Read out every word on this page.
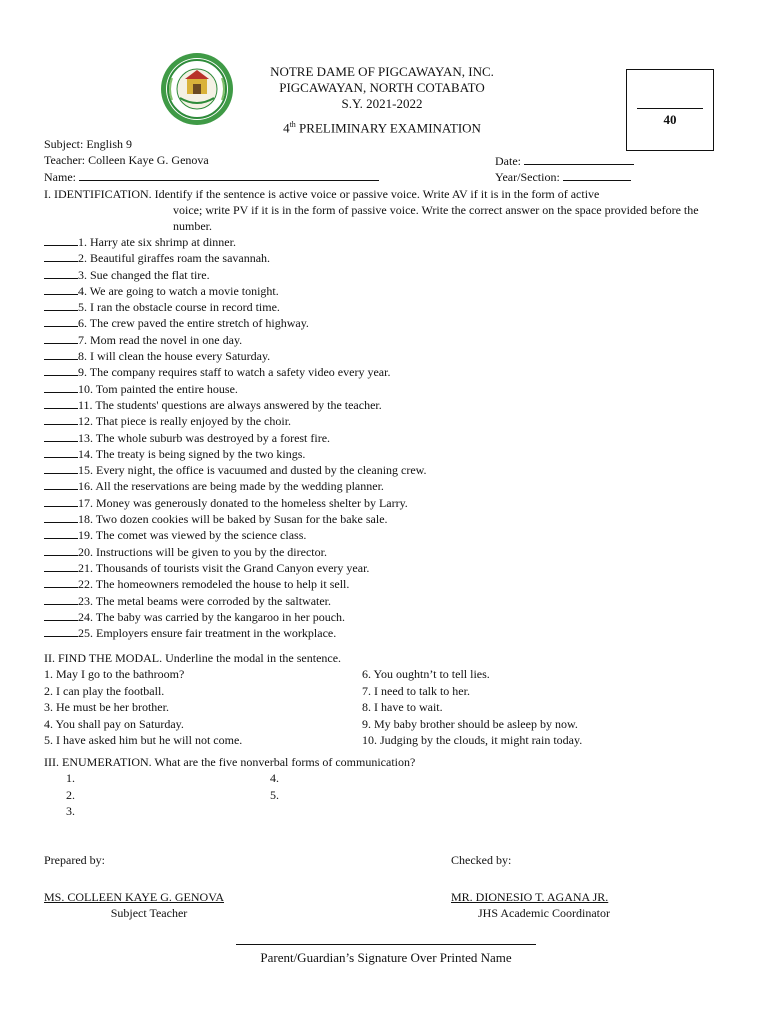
NOTRE DAME OF PIGCAWAYAN, INC.
PIGCAWAYAN, NORTH COTABATO
S.Y. 2021-2022
4th PRELIMINARY EXAMINATION
40
Subject: English 9
Teacher: Colleen Kaye G. Genova	Date:
Name:	Year/Section:
I. IDENTIFICATION. Identify if the sentence is active voice or passive voice. Write AV if it is in the form of active
voice; write PV if it is in the form of passive voice. Write the correct answer on the space provided before the number.
1. Harry ate six shrimp at dinner.
2. Beautiful giraffes roam the savannah.
3. Sue changed the flat tire.
4. We are going to watch a movie tonight.
5. I ran the obstacle course in record time.
6. The crew paved the entire stretch of highway.
7. Mom read the novel in one day.
8. I will clean the house every Saturday.
9. The company requires staff to watch a safety video every year.
10. Tom painted the entire house.
11. The students' questions are always answered by the teacher.
12. That piece is really enjoyed by the choir.
13. The whole suburb was destroyed by a forest fire.
14. The treaty is being signed by the two kings.
15. Every night, the office is vacuumed and dusted by the cleaning crew.
16. All the reservations are being made by the wedding planner.
17. Money was generously donated to the homeless shelter by Larry.
18. Two dozen cookies will be baked by Susan for the bake sale.
19. The comet was viewed by the science class.
20. Instructions will be given to you by the director.
21. Thousands of tourists visit the Grand Canyon every year.
22. The homeowners remodeled the house to help it sell.
23. The metal beams were corroded by the saltwater.
24. The baby was carried by the kangaroo in her pouch.
25. Employers ensure fair treatment in the workplace.
II. FIND THE MODAL. Underline the modal in the sentence.
1. May I go to the bathroom?
2. I can play the football.
3. He must be her brother.
4. You shall pay on Saturday.
5. I have asked him but he will not come.
6. You oughtn’t to tell lies.
7. I need to talk to her.
8. I have to wait.
9. My baby brother should be asleep by now.
10. Judging by the clouds, it might rain today.
III. ENUMERATION. What are the five nonverbal forms of communication?
1.
2.
3.
4.
5.
Prepared by:	Checked by:
MS. COLLEEN KAYE G. GENOVA
Subject Teacher
MR. DIONESIO T. AGANA JR.
JHS Academic Coordinator
Parent/Guardian’s Signature Over Printed Name
